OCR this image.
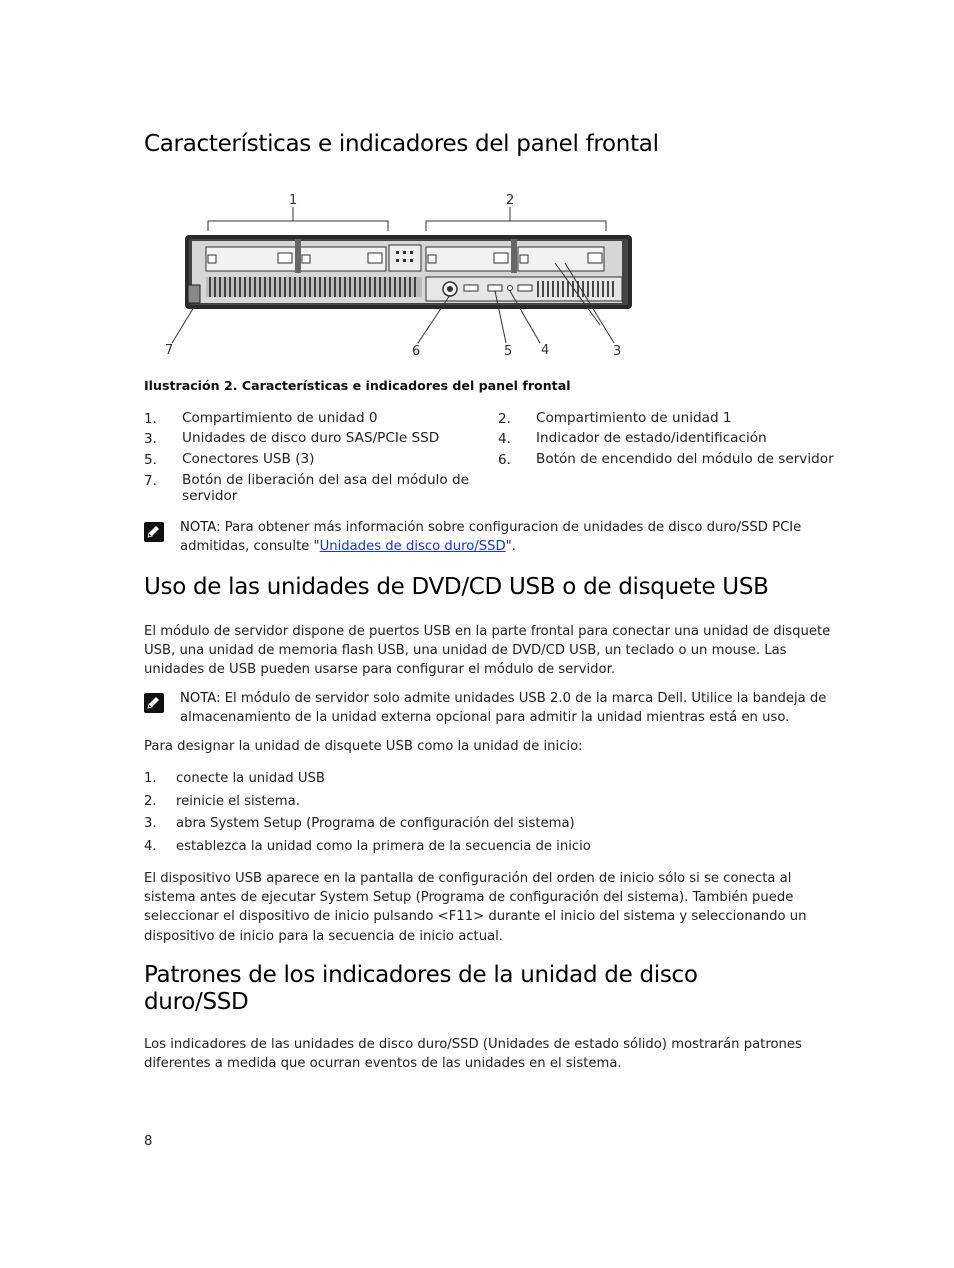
Características e indicadores del panel frontal
1	2
3
4
5
6
7
Ilustración 2. Características e indicadores del panel frontal
1. Compartimiento de unidad 0	2. Compartimiento de unidad 1
3. Unidades de disco duro SAS/PCIe SSD	4. Indicador de estado/identificación
5. Conectores USB (3)	6. Botón de encendido del módulo de servidor
7. Botón de liberación del asa del módulo de
servidor
NOTA: Para obtener más información sobre configuracion de unidades de disco duro/SSD PCIe
admitidas, consulte "Unidades de disco duro/SSD".
Uso de las unidades de DVD/CD USB o de disquete USB
El módulo de servidor dispone de puertos USB en la parte frontal para conectar una unidad de disquete
USB, una unidad de memoria flash USB, una unidad de DVD/CD USB, un teclado o un mouse. Las
unidades de USB pueden usarse para configurar el módulo de servidor.
NOTA: El módulo de servidor solo admite unidades USB 2.0 de la marca Dell. Utilice la bandeja de
almacenamiento de la unidad externa opcional para admitir la unidad mientras está en uso.
Para designar la unidad de disquete USB como la unidad de inicio:
1. conecte la unidad USB
2. reinicie el sistema.
3. abra System Setup (Programa de configuración del sistema)
4. establezca la unidad como la primera de la secuencia de inicio
El dispositivo USB aparece en la pantalla de configuración del orden de inicio sólo si se conecta al
sistema antes de ejecutar System Setup (Programa de configuración del sistema). También puede
seleccionar el dispositivo de inicio pulsando <F11> durante el inicio del sistema y seleccionando un
dispositivo de inicio para la secuencia de inicio actual.
Patrones de los indicadores de la unidad de disco
duro/SSD
Los indicadores de las unidades de disco duro/SSD (Unidades de estado sólido) mostrarán patrones
diferentes a medida que ocurran eventos de las unidades en el sistema.
8
